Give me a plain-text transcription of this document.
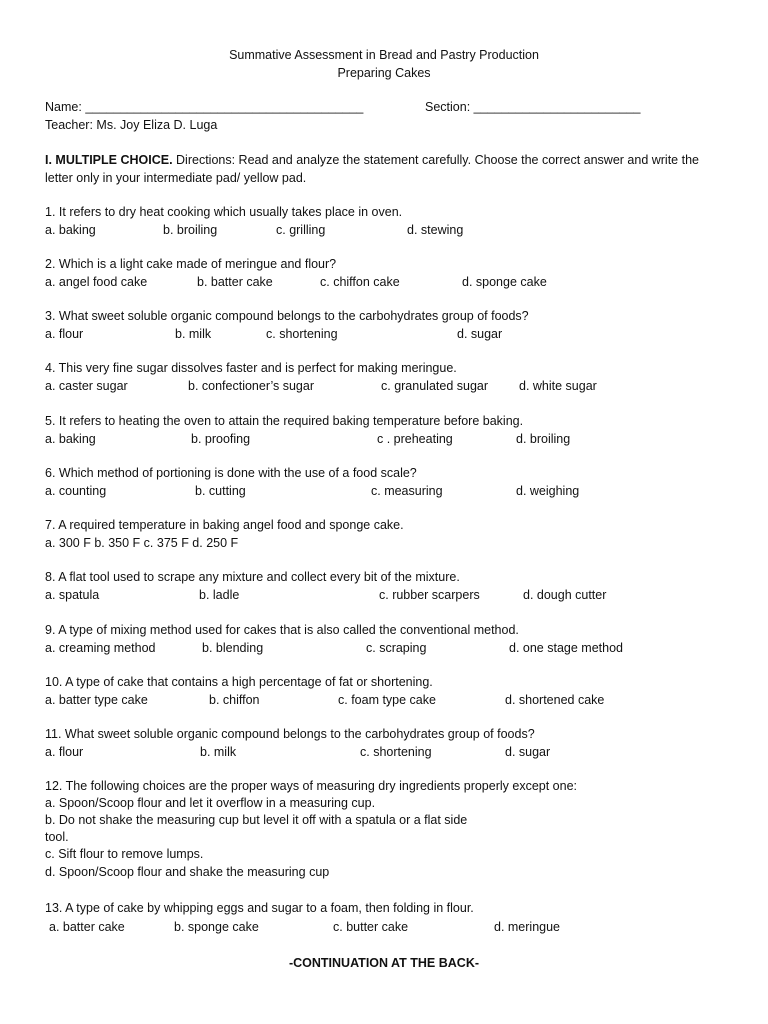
Summative Assessment in Bread and Pastry Production
Preparing Cakes
Name: ________________________________________	Section: ________________________
Teacher: Ms. Joy Eliza D. Luga
I. MULTIPLE CHOICE. Directions: Read and analyze the statement carefully. Choose the correct answer and write the
letter only in your intermediate pad/ yellow pad.
1. It refers to dry heat cooking which usually takes place in oven.
a. baking	b. broiling	c. grilling	d. stewing
2. Which is a light cake made of meringue and flour?
a. angel food cake	b. batter cake	c. chiffon cake	d. sponge cake
3. What sweet soluble organic compound belongs to the carbohydrates group of foods?
a. flour	b. milk	c. shortening	d. sugar
4. This very fine sugar dissolves faster and is perfect for making meringue.
a. caster sugar	b. confectioner’s sugar	c. granulated sugar d. white sugar
5. It refers to heating the oven to attain the required baking temperature before baking.
a. baking	b. proofing	c . preheating	d. broiling
6. Which method of portioning is done with the use of a food scale?
a. counting	b. cutting	c. measuring	d. weighing
7. A required temperature in baking angel food and sponge cake.
a. 300 F b. 350 F c. 375 F d. 250 F
8. A flat tool used to scrape any mixture and collect every bit of the mixture.
a. spatula	b. ladle	c. rubber scarpers	d. dough cutter
9. A type of mixing method used for cakes that is also called the conventional method.
a. creaming method	b. blending	c. scraping	d. one stage method
10. A type of cake that contains a high percentage of fat or shortening.
a. batter type cake	b. chiffon	c. foam type cake	d. shortened cake
11. What sweet soluble organic compound belongs to the carbohydrates group of foods?
a. flour	b. milk	c. shortening	d. sugar
12. The following choices are the proper ways of measuring dry ingredients properly except one:
a. Spoon/Scoop flour and let it overflow in a measuring cup.
b. Do not shake the measuring cup but level it off with a spatula or a flat side
tool.
c. Sift flour to remove lumps.
d. Spoon/Scoop flour and shake the measuring cup
13. A type of cake by whipping eggs and sugar to a foam, then folding in flour.
a. batter cake	b. sponge cake	c. butter cake	d. meringue
-CONTINUATION AT THE BACK-
